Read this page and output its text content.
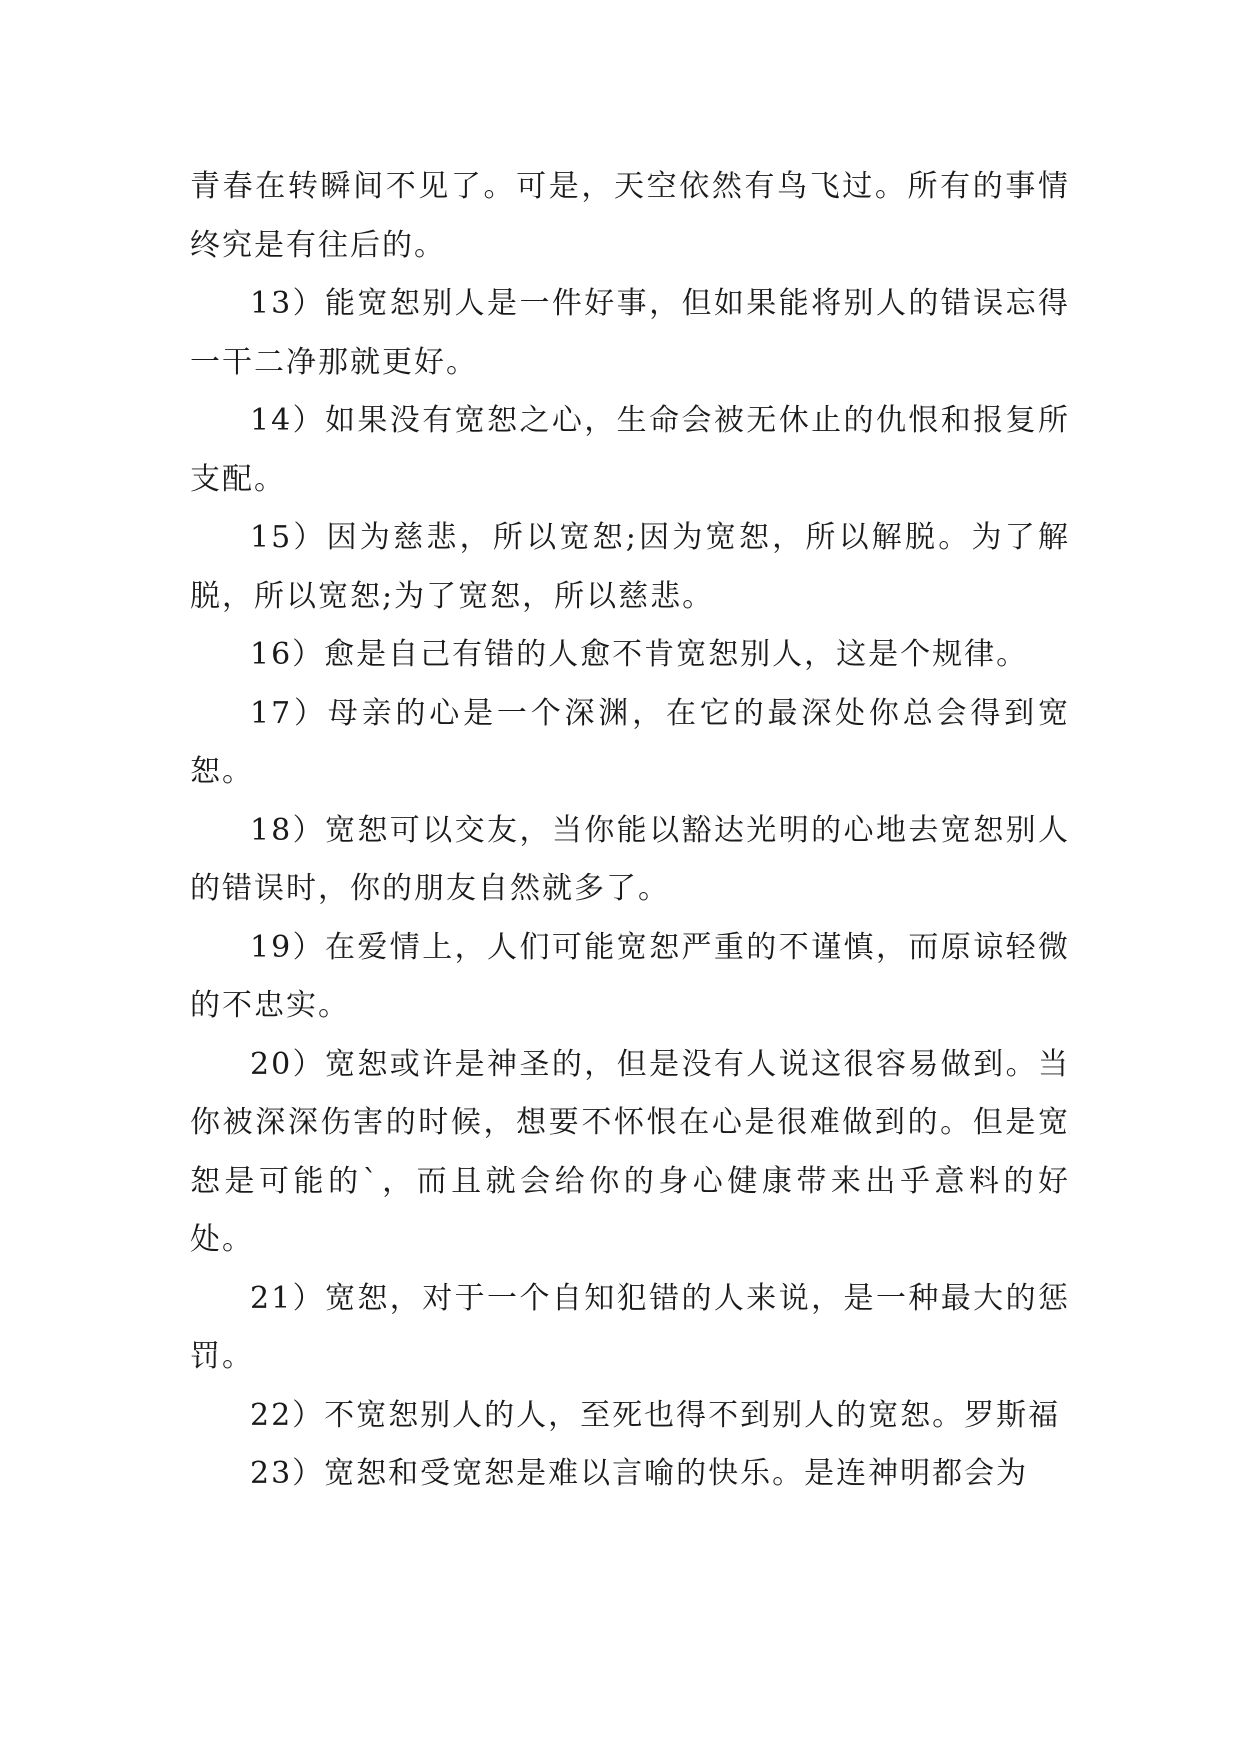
青春在转瞬间不见了。可是，天空依然有鸟飞过。所有的事情终究是有往后的。

13）能宽恕别人是一件好事，但如果能将别人的错误忘得一干二净那就更好。

14）如果没有宽恕之心，生命会被无休止的仇恨和报复所支配。

15）因为慈悲，所以宽恕;因为宽恕，所以解脱。为了解脱，所以宽恕;为了宽恕，所以慈悲。

16）愈是自己有错的人愈不肯宽恕别人，这是个规律。

17）母亲的心是一个深渊，在它的最深处你总会得到宽恕。

18）宽恕可以交友，当你能以豁达光明的心地去宽恕别人的错误时，你的朋友自然就多了。

19）在爱情上，人们可能宽恕严重的不谨慎，而原谅轻微的不忠实。

20）宽恕或许是神圣的，但是没有人说这很容易做到。当你被深深伤害的时候，想要不怀恨在心是很难做到的。但是宽恕是可能的`，而且就会给你的身心健康带来出乎意料的好处。

21）宽恕，对于一个自知犯错的人来说，是一种最大的惩罚。

22）不宽恕别人的人，至死也得不到别人的宽恕。罗斯福

23）宽恕和受宽恕是难以言喻的快乐。是连神明都会为
